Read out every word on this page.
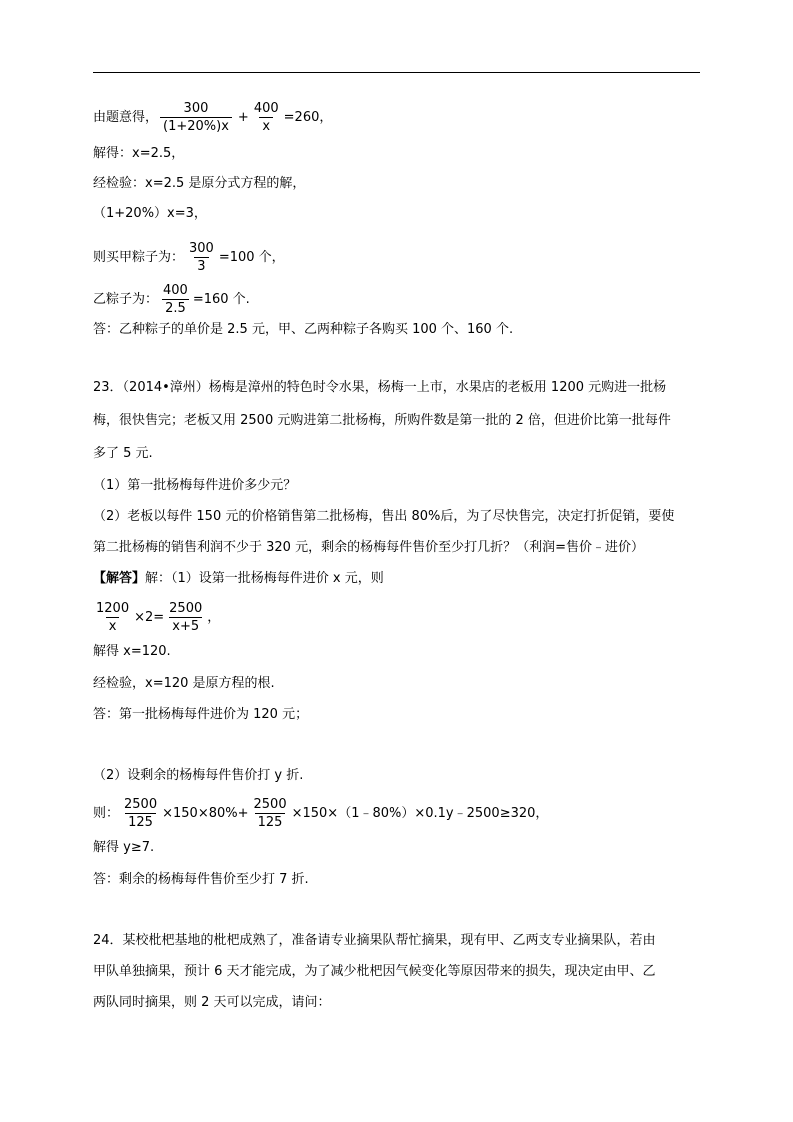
由题意得， $\frac{300}{(1+20\%)x} + \frac{400}{x} =260$，
解得：x=2.5，
经检验：x=2.5 是原分式方程的解，
（1+20%）x=3，
则买甲粽子为： $\frac{300}{3} =100$ 个，
乙粽子为： $\frac{400}{2.5} =160$ 个.
答：乙种粽子的单价是 2.5 元，甲、乙两种粽子各购买 100 个、160 个.
23．（2014•漳州）杨梅是漳州的特色时令水果，杨梅一上市，水果店的老板用 1200 元购进一批杨
梅，很快售完；老板又用 2500 元购进第二批杨梅，所购件数是第一批的 2 倍，但进价比第一批每件
多了 5 元.
（1）第一批杨梅每件进价多少元？
（2）老板以每件 150 元的价格销售第二批杨梅，售出 80%后，为了尽快售完，决定打折促销，要使
第二批杨梅的销售利润不少于 320 元，剩余的杨梅每件售价至少打几折？（利润=售价﹣进价）
【解答】解：（1）设第一批杨梅每件进价 x 元，则
$\frac{1200}{x} \times 2= \frac{2500}{x+5}$ ，
解得 x=120.
经检验，x=120 是原方程的根.
答：第一批杨梅每件进价为 120 元；
（2）设剩余的杨梅每件售价打 y 折.
则： $\frac{2500}{125} \times 150\times 80\%+ \frac{2500}{125}$ ×150×（1﹣80%）×0.1y﹣2500≥320，
解得 y≥7.
答：剩余的杨梅每件售价至少打 7 折.
24．某校枇杷基地的枇杷成熟了，准备请专业摘果队帮忙摘果，现有甲、乙两支专业摘果队，若由
甲队单独摘果，预计 6 天才能完成，为了减少枇杷因气候变化等原因带来的损失，现决定由甲、乙
两队同时摘果，则 2 天可以完成，请问：
